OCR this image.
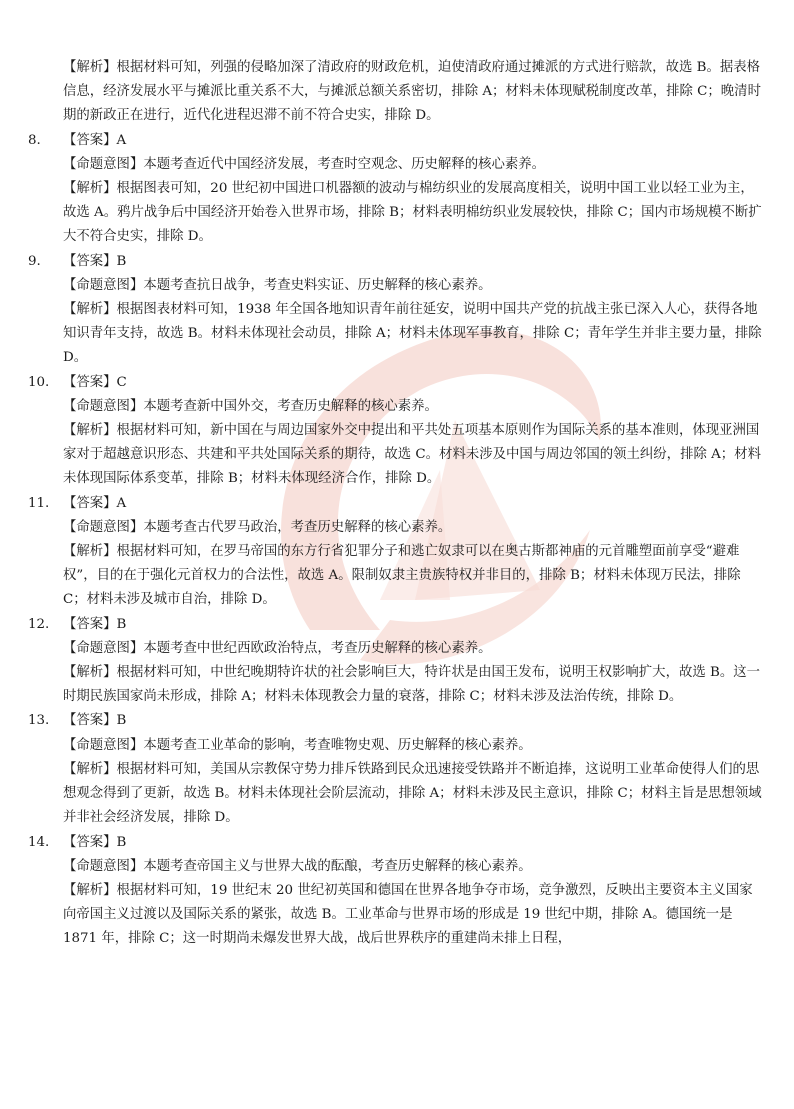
【解析】根据材料可知，列强的侵略加深了清政府的财政危机，迫使清政府通过摊派的方式进行赔款，故选 B。据表格信息，经济发展水平与摊派比重关系不大，与摊派总额关系密切，排除 A；材料未体现赋税制度改革，排除 C；晚清时期的新政正在进行，近代化进程迟滞不前不符合史实，排除 D。

8.	【答案】A

【命题意图】本题考查近代中国经济发展，考查时空观念、历史解释的核心素养。

【解析】根据图表可知，20 世纪初中国进口机器额的波动与棉纺织业的发展高度相关，说明中国工业以轻工业为主，故选 A。鸦片战争后中国经济开始卷入世界市场，排除 B；材料表明棉纺织业发展较快，排除 C；国内市场规模不断扩大不符合史实，排除 D。

9.	【答案】B

【命题意图】本题考查抗日战争，考查史料实证、历史解释的核心素养。

【解析】根据图表材料可知，1938 年全国各地知识青年前往延安，说明中国共产党的抗战主张已深入人心，获得各地知识青年支持，故选 B。材料未体现社会动员，排除 A；材料未体现军事教育，排除 C；青年学生并非主要力量，排除 D。

10.	【答案】C

【命题意图】本题考查新中国外交，考查历史解释的核心素养。

【解析】根据材料可知，新中国在与周边国家外交中提出和平共处五项基本原则作为国际关系的基本准则，体现亚洲国家对于超越意识形态、共建和平共处国际关系的期待，故选 C。材料未涉及中国与周边邻国的领土纠纷，排除 A；材料未体现国际体系变革，排除 B；材料未体现经济合作，排除 D。

11.	【答案】A

【命题意图】本题考查古代罗马政治，考查历史解释的核心素养。

【解析】根据材料可知，在罗马帝国的东方行省犯罪分子和逃亡奴隶可以在奥古斯都神庙的元首雕塑面前享受“避难权”，目的在于强化元首权力的合法性，故选 A。限制奴隶主贵族特权并非目的，排除 B；材料未体现万民法，排除 C；材料未涉及城市自治，排除 D。

12.	【答案】B

【命题意图】本题考查中世纪西欧政治特点，考查历史解释的核心素养。

【解析】根据材料可知，中世纪晚期特许状的社会影响巨大，特许状是由国王发布，说明王权影响扩大，故选 B。这一时期民族国家尚未形成，排除 A；材料未体现教会力量的衰落，排除 C；材料未涉及法治传统，排除 D。

13.	【答案】B

【命题意图】本题考查工业革命的影响，考查唯物史观、历史解释的核心素养。

【解析】根据材料可知，美国从宗教保守势力排斥铁路到民众迅速接受铁路并不断追捧，这说明工业革命使得人们的思想观念得到了更新，故选 B。材料未体现社会阶层流动，排除 A；材料未涉及民主意识，排除 C；材料主旨是思想领域并非社会经济发展，排除 D。

14.	【答案】B

【命题意图】本题考查帝国主义与世界大战的酝酿，考查历史解释的核心素养。

【解析】根据材料可知，19 世纪末 20 世纪初英国和德国在世界各地争夺市场，竞争激烈，反映出主要资本主义国家向帝国主义过渡以及国际关系的紧张，故选 B。工业革命与世界市场的形成是 19 世纪中期，排除 A。德国统一是 1871 年，排除 C；这一时期尚未爆发世界大战，战后世界秩序的重建尚未排上日程，
